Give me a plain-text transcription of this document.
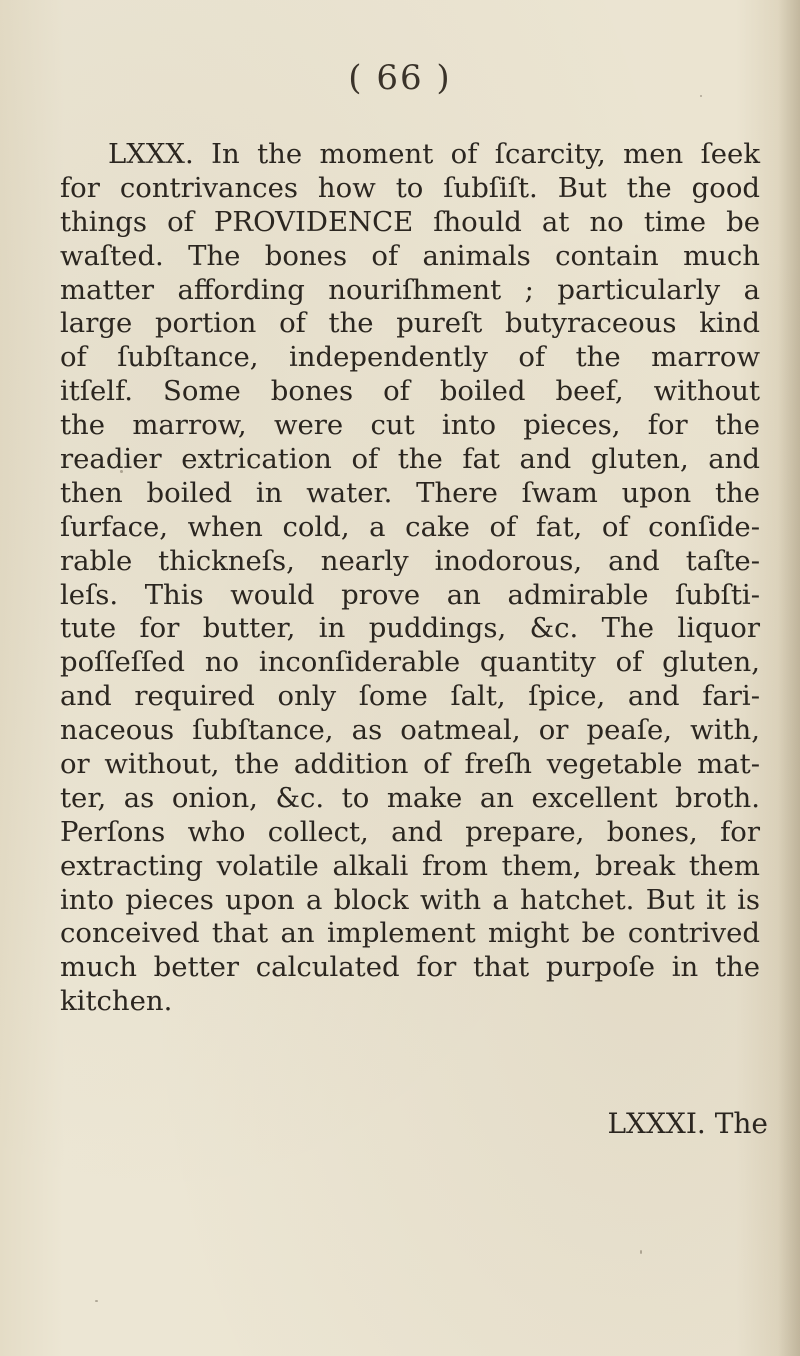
( 66 )
LXXX. In the moment of ſcarcity, men ſeek
for contrivances how to ſubſiſt. But the good
things of PROVIDENCE ſhould at no time be
waſted. The bones of animals contain much
matter affording nouriſhment ; particularly a
large portion of the pureſt butyraceous kind
of ſubſtance, independently of the marrow
itſelf. Some bones of boiled beef, without
the marrow, were cut into pieces, for the
readier extrication of the fat and gluten, and
then boiled in water. There ſwam upon the
ſurface, when cold, a cake of fat, of conſide-
rable thickneſs, nearly inodorous, and taſte-
leſs. This would prove an admirable ſubſti-
tute for butter, in puddings, &c. The liquor
poſſeſſed no inconſiderable quantity of gluten,
and required only ſome ſalt, ſpice, and fari-
naceous ſubſtance, as oatmeal, or peaſe, with,
or without, the addition of freſh vegetable mat-
ter, as onion, &c. to make an excellent broth.
Perſons who collect, and prepare, bones, for
extracting volatile alkali from them, break them
into pieces upon a block with a hatchet. But it is
conceived that an implement might be contrived
much better calculated for that purpoſe in the
kitchen.
LXXXI. The
